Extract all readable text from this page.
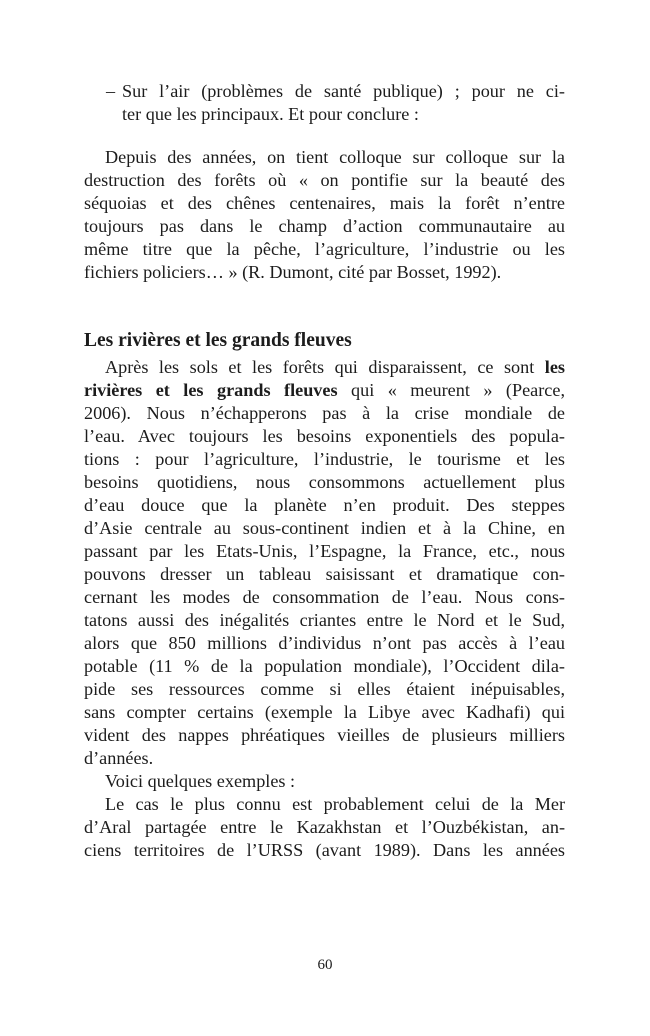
– Sur l’air (problèmes de santé publique) ; pour ne ci-
ter que les principaux. Et pour conclure :
Depuis des années, on tient colloque sur colloque sur la
destruction des forêts où « on pontifie sur la beauté des
séquoias et des chênes centenaires, mais la forêt n’entre
toujours pas dans le champ d’action communautaire au
même titre que la pêche, l’agriculture, l’industrie ou les
fichiers policiers… » (R. Dumont, cité par Bosset, 1992).
Les rivières et les grands fleuves
Après les sols et les forêts qui disparaissent, ce sont les
rivières et les grands fleuves qui « meurent » (Pearce,
2006). Nous n’échapperons pas à la crise mondiale de
l’eau. Avec toujours les besoins exponentiels des popula-
tions : pour l’agriculture, l’industrie, le tourisme et les
besoins quotidiens, nous consommons actuellement plus
d’eau douce que la planète n’en produit. Des steppes
d’Asie centrale au sous-continent indien et à la Chine, en
passant par les Etats-Unis, l’Espagne, la France, etc., nous
pouvons dresser un tableau saisissant et dramatique con-
cernant les modes de consommation de l’eau. Nous cons-
tatons aussi des inégalités criantes entre le Nord et le Sud,
alors que 850 millions d’individus n’ont pas accès à l’eau
potable (11 % de la population mondiale), l’Occident dila-
pide ses ressources comme si elles étaient inépuisables,
sans compter certains (exemple la Libye avec Kadhafi) qui
vident des nappes phréatiques vieilles de plusieurs milliers
d’années.
Voici quelques exemples :
Le cas le plus connu est probablement celui de la Mer
d’Aral partagée entre le Kazakhstan et l’Ouzbékistan, an-
ciens territoires de l’URSS (avant 1989). Dans les années
60
